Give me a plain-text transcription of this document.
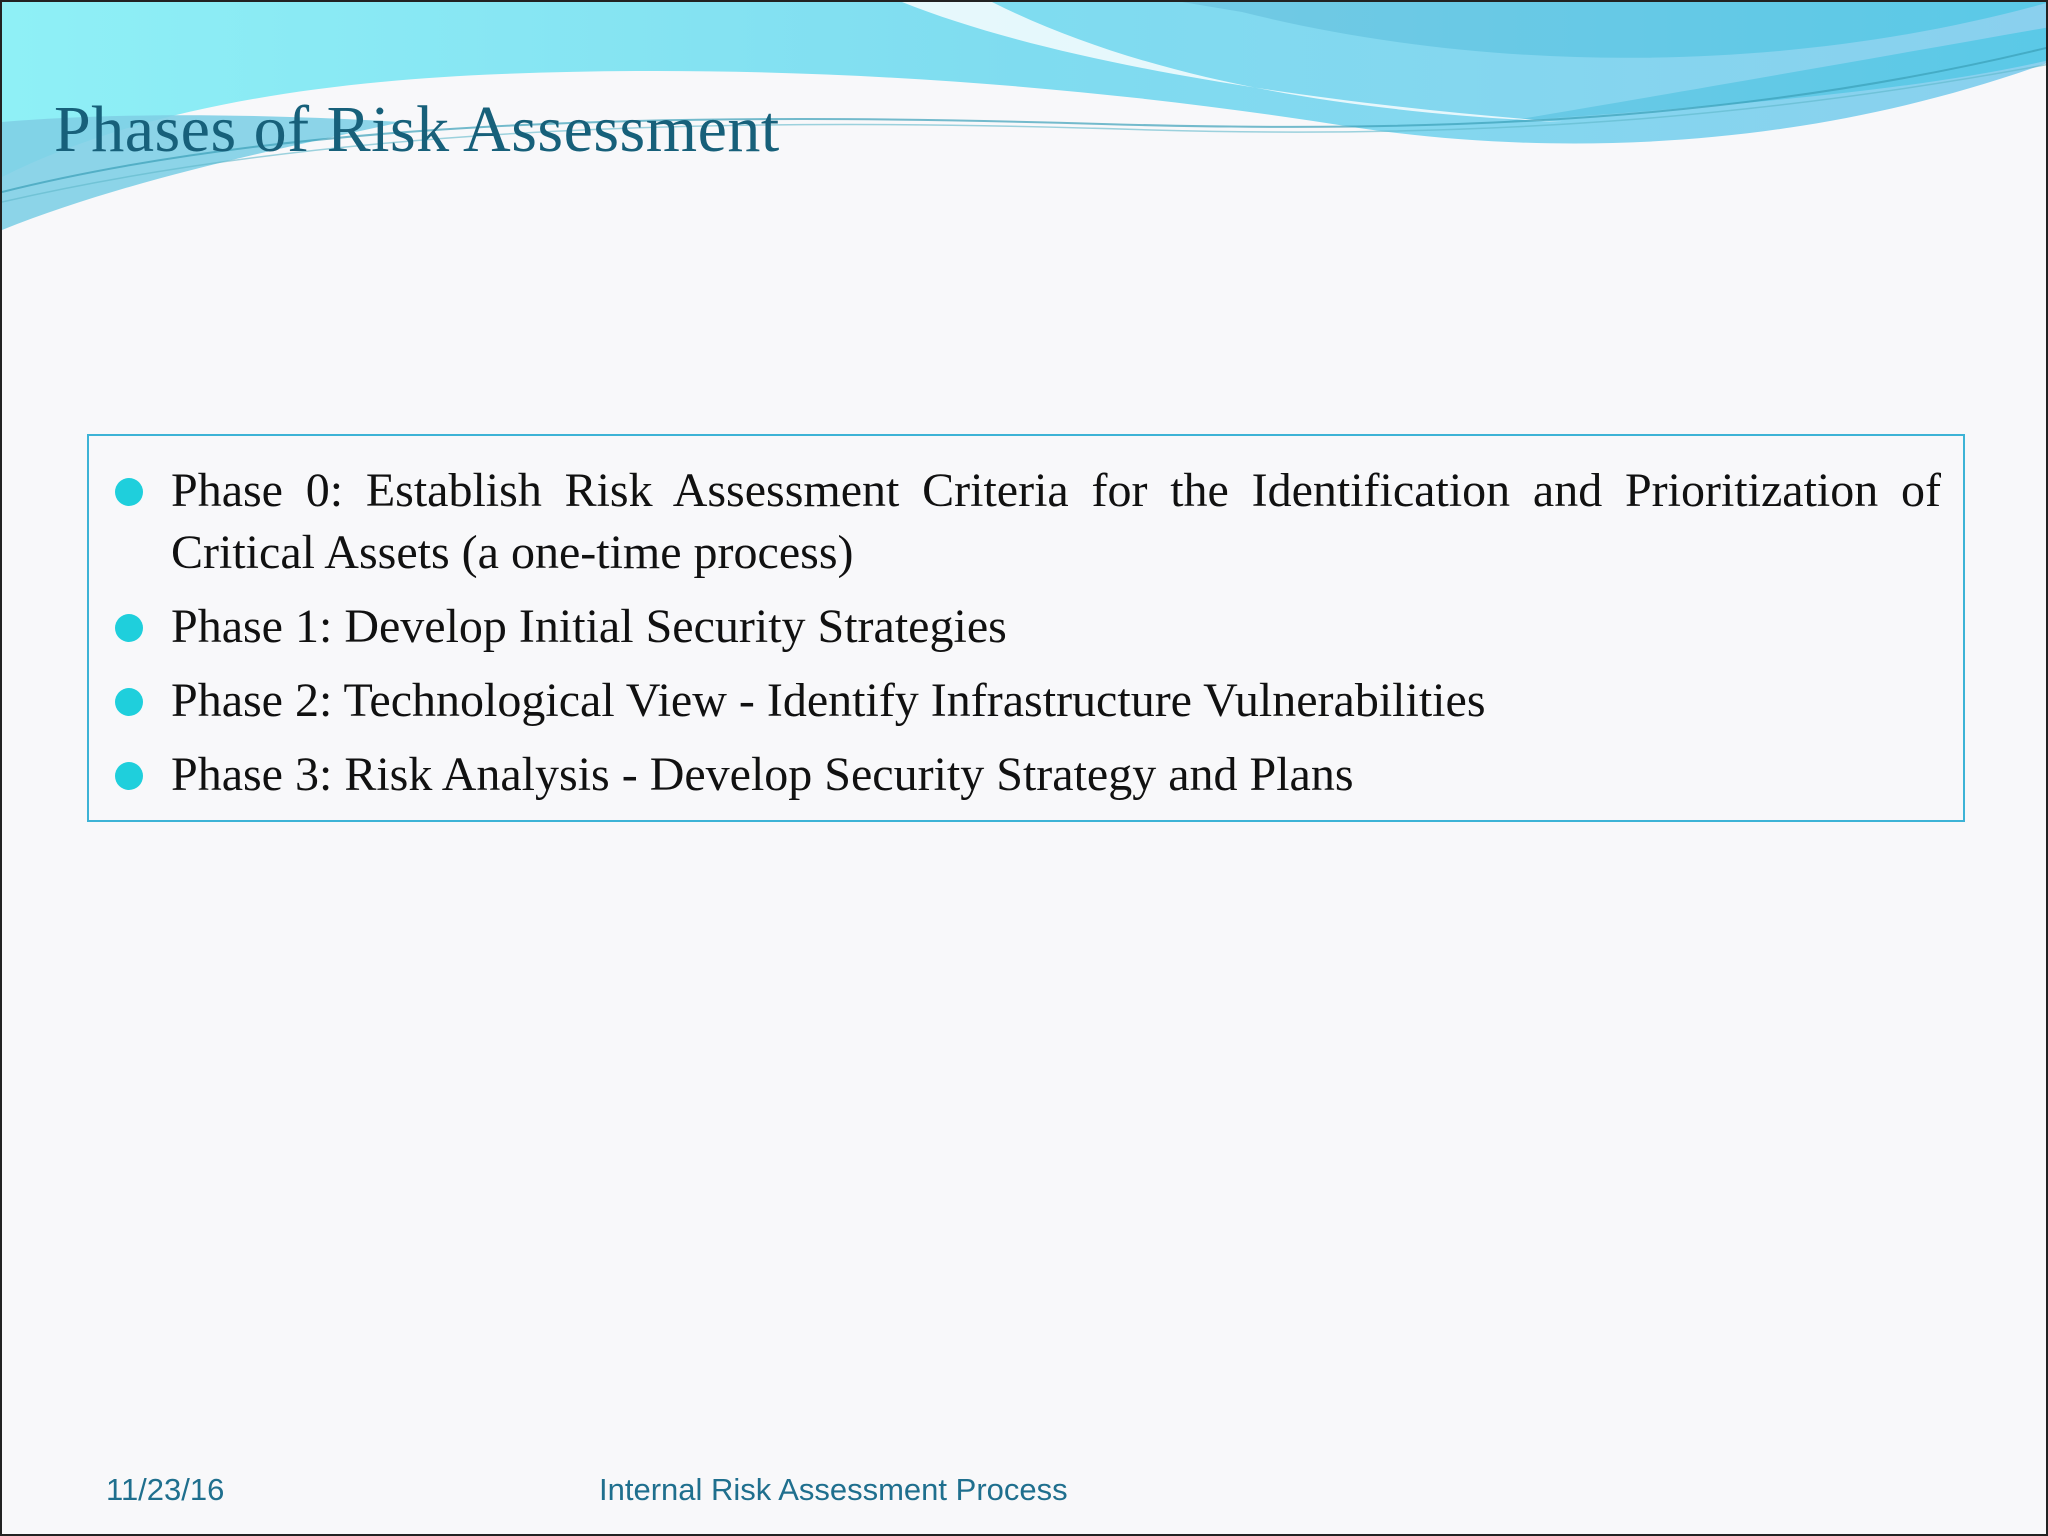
Phases of Risk Assessment
Phase 0: Establish Risk Assessment Criteria for the Identification and Prioritization of Critical Assets (a one-time process)
Phase 1: Develop Initial Security Strategies
Phase 2: Technological View - Identify Infrastructure Vulnerabilities
Phase 3: Risk Analysis - Develop Security Strategy and Plans
11/23/16	Internal Risk Assessment Process
